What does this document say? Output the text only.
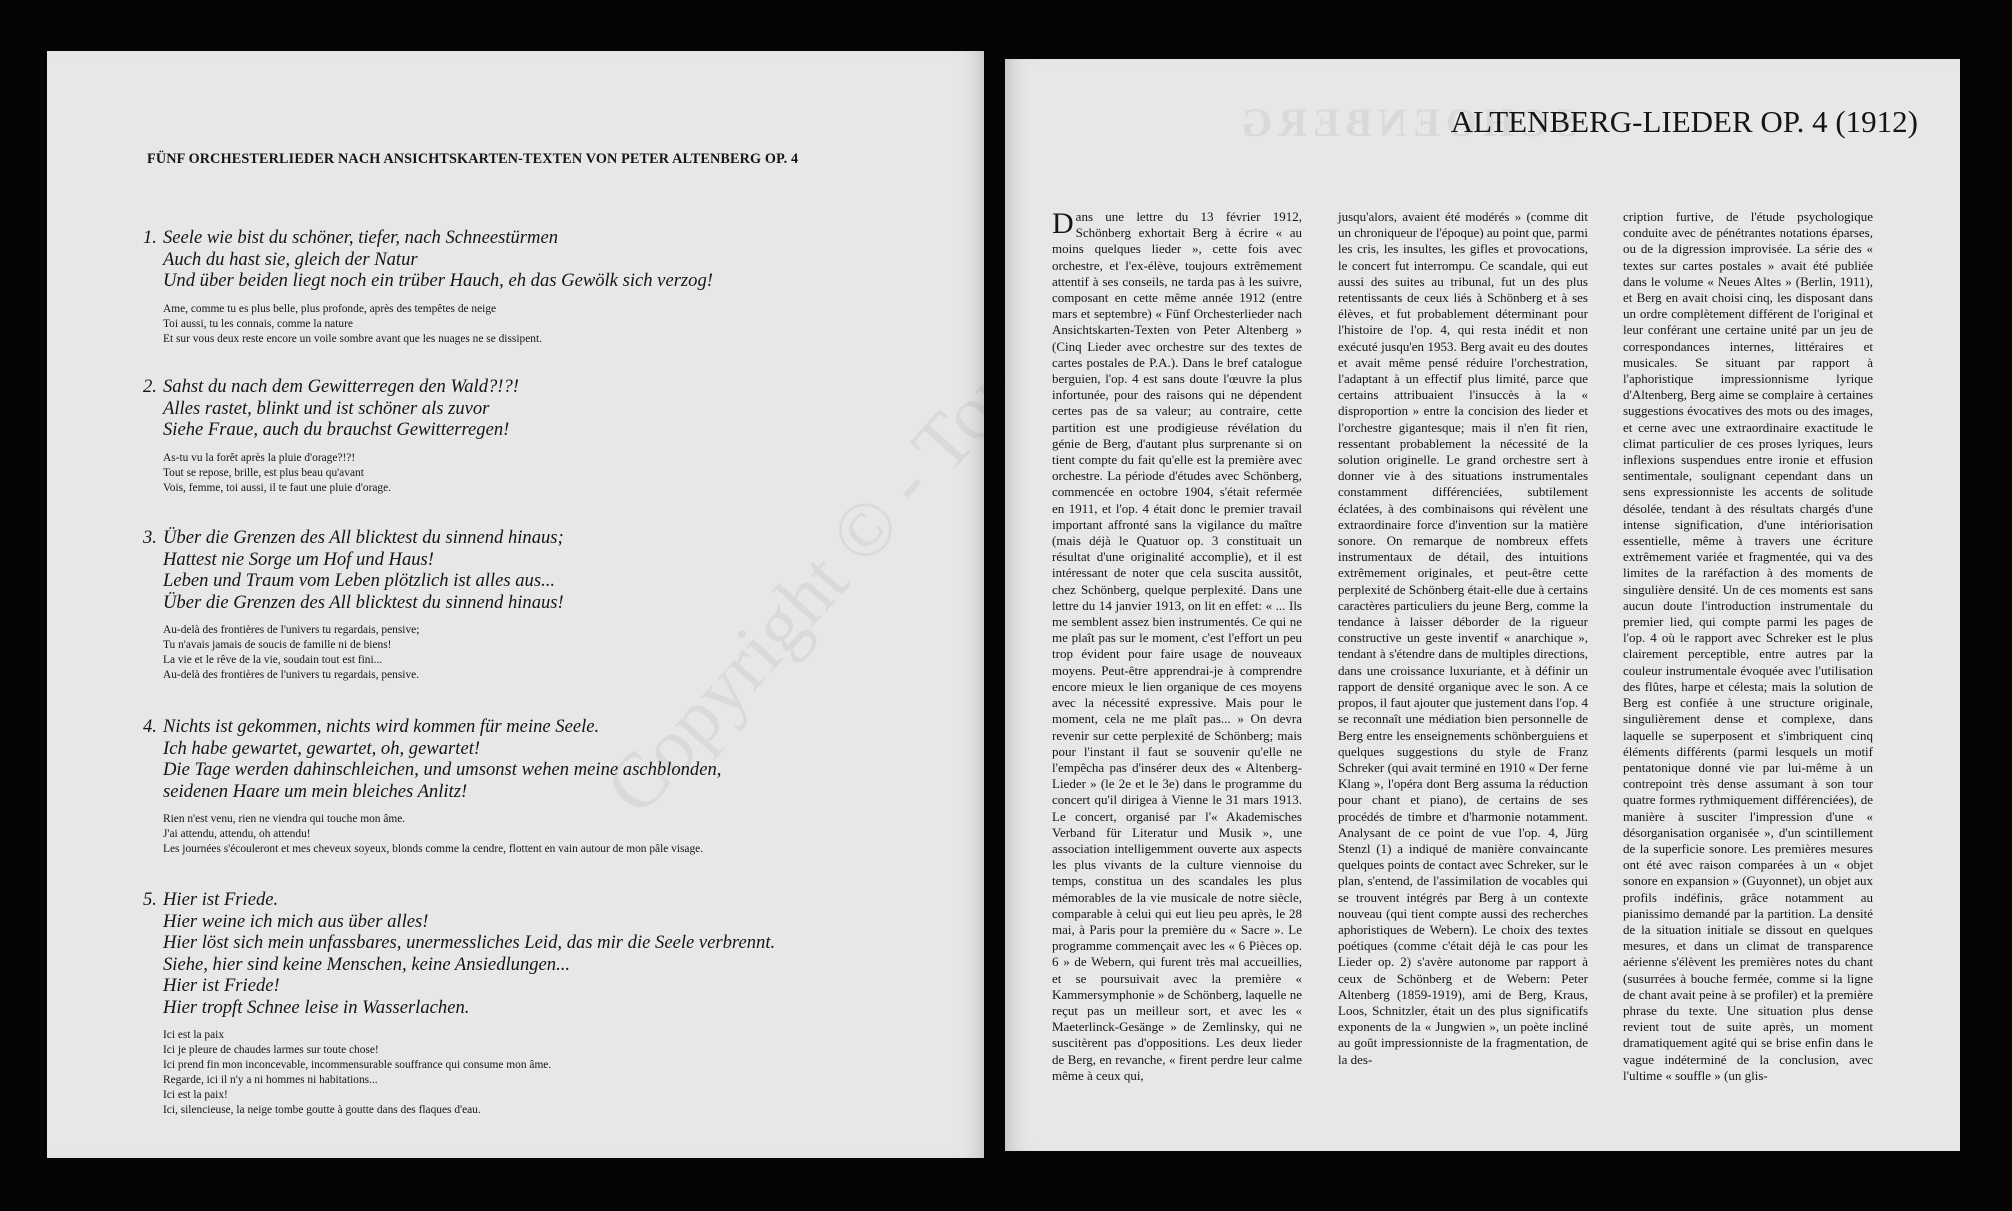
FÜNF ORCHESTERLIEDER NACH ANSICHTSKARTEN-TEXTEN VON PETER ALTENBERG OP. 4
1. Seele wie bist du schöner, tiefer, nach Schneestürmen
Auch du hast sie, gleich der Natur
Und über beiden liegt noch ein trüber Hauch, eh das Gewölk sich verzog!
Ame, comme tu es plus belle, plus profonde, après des tempêtes de neige
Toi aussi, tu les connais, comme la nature
Et sur vous deux reste encore un voile sombre avant que les nuages ne se dissipent.
2. Sahst du nach dem Gewitterregen den Wald?!?!
Alles rastet, blinkt und ist schöner als zuvor
Siehe Fraue, auch du brauchst Gewitterregen!
As-tu vu la forêt après la pluie d'orage?!?!
Tout se repose, brille, est plus beau qu'avant
Vois, femme, toi aussi, il te faut une pluie d'orage.
3. Über die Grenzen des All blicktest du sinnend hinaus;
Hattest nie Sorge um Hof und Haus!
Leben und Traum vom Leben plötzlich ist alles aus...
Über die Grenzen des All blicktest du sinnend hinaus!
Au-delà des frontières de l'univers tu regardais, pensive;
Tu n'avais jamais de soucis de famille ni de biens!
La vie et le rêve de la vie, soudain tout est fini...
Au-delà des frontières de l'univers tu regardais, pensive.
4. Nichts ist gekommen, nichts wird kommen für meine Seele.
Ich habe gewartet, gewartet, oh, gewartet!
Die Tage werden dahinschleichen, und umsonst wehen meine aschblonden,
seidenen Haare um mein bleiches Anlitz!
Rien n'est venu, rien ne viendra qui touche mon âme.
J'ai attendu, attendu, oh attendu!
Les journées s'écouleront et mes cheveux soyeux, blonds comme la cendre, flottent en vain autour de mon pâle visage.
5. Hier ist Friede.
Hier weine ich mich aus über alles!
Hier löst sich mein unfassbares, unermessliches Leid, das mir die Seele verbrennt.
Siehe, hier sind keine Menschen, keine Ansiedlungen...
Hier ist Friede!
Hier tropft Schnee leise in Wasserlachen.
Ici est la paix
Ici je pleure de chaudes larmes sur toute chose!
Ici prend fin mon inconcevable, incommensurable souffrance qui consume mon âme.
Regarde, ici il n'y a ni hommes ni habitations...
Ici est la paix!
Ici, silencieuse, la neige tombe goutte à goutte dans des flaques d'eau.
Copyright © - Tous
SCHOENBERG
ALTENBERG-LIEDER OP. 4 (1912)
D ans une lettre du 13 février 1912, Schönberg exhortait Berg à écrire « au moins quelques lieder », cette fois avec orchestre, et l'ex-élève, toujours extrêmement attentif à ses conseils, ne tarda pas à les suivre, composant en cette même année 1912 (entre mars et septembre) « Fünf Orchesterlieder nach Ansichtskarten-Texten von Peter Altenberg » (Cinq Lieder avec orchestre sur des textes de cartes postales de P.A.). Dans le bref catalogue berguien, l'op. 4 est sans doute l'œuvre la plus infortunée, pour des raisons qui ne dépendent certes pas de sa valeur; au contraire, cette partition est une prodigieuse révélation du génie de Berg, d'autant plus surprenante si on tient compte du fait qu'elle est la première avec orchestre. La période d'études avec Schönberg, commencée en octobre 1904, s'était refermée en 1911, et l'op. 4 était donc le premier travail important affronté sans la vigilance du maître (mais déjà le Quatuor op. 3 constituait un résultat d'une originalité accomplie), et il est intéressant de noter que cela suscita aussitôt, chez Schönberg, quelque perplexité. Dans une lettre du 14 janvier 1913, on lit en effet: « ... Ils me semblent assez bien instrumentés. Ce qui ne me plaît pas sur le moment, c'est l'effort un peu trop évident pour faire usage de nouveaux moyens. Peut-être apprendrai-je à comprendre encore mieux le lien organique de ces moyens avec la nécessité expressive. Mais pour le moment, cela ne me plaît pas... » On devra revenir sur cette perplexité de Schönberg; mais pour l'instant il faut se souvenir qu'elle ne l'empêcha pas d'insérer deux des « Altenberg-Lieder » (le 2e et le 3e) dans le programme du concert qu'il dirigea à Vienne le 31 mars 1913. Le concert, organisé par l'« Akademisches Verband für Literatur und Musik », une association intelligemment ouverte aux aspects les plus vivants de la culture viennoise du temps, constitua un des scandales les plus mémorables de la vie musicale de notre siècle, comparable à celui qui eut lieu peu après, le 28 mai, à Paris pour la première du « Sacre ». Le programme commençait avec les « 6 Pièces op. 6 » de Webern, qui furent très mal accueillies, et se poursuivait avec la première « Kammersymphonie » de Schönberg, laquelle ne reçut pas un meilleur sort, et avec les « Maeterlinck-Gesänge » de Zemlinsky, qui ne suscitèrent pas d'oppositions. Les deux lieder de Berg, en revanche, « firent perdre leur calme même à ceux qui,
jusqu'alors, avaient été modérés » (comme dit un chroniqueur de l'époque) au point que, parmi les cris, les insultes, les gifles et provocations, le concert fut interrompu. Ce scandale, qui eut aussi des suites au tribunal, fut un des plus retentissants de ceux liés à Schönberg et à ses élèves, et fut probablement déterminant pour l'histoire de l'op. 4, qui resta inédit et non exécuté jusqu'en 1953. Berg avait eu des doutes et avait même pensé réduire l'orchestration, l'adaptant à un effectif plus limité, parce que certains attribuaient l'insuccès à la « disproportion » entre la concision des lieder et l'orchestre gigantesque; mais il n'en fit rien, ressentant probablement la nécessité de la solution originelle. Le grand orchestre sert à donner vie à des situations instrumentales constamment différenciées, subtilement éclatées, à des combinaisons qui révèlent une extraordinaire force d'invention sur la matière sonore. On remarque de nombreux effets instrumentaux de détail, des intuitions extrêmement originales, et peut-être cette perplexité de Schönberg était-elle due à certains caractères particuliers du jeune Berg, comme la tendance à laisser déborder de la rigueur constructive un geste inventif « anarchique », tendant à s'étendre dans de multiples directions, dans une croissance luxuriante, et à définir un rapport de densité organique avec le son. A ce propos, il faut ajouter que justement dans l'op. 4 se reconnaît une médiation bien personnelle de Berg entre les enseignements schönberguiens et quelques suggestions du style de Franz Schreker (qui avait terminé en 1910 « Der ferne Klang », l'opéra dont Berg assuma la réduction pour chant et piano), de certains de ses procédés de timbre et d'harmonie notamment. Analysant de ce point de vue l'op. 4, Jürg Stenzl (1) a indiqué de manière convaincante quelques points de contact avec Schreker, sur le plan, s'entend, de l'assimilation de vocables qui se trouvent intégrés par Berg à un contexte nouveau (qui tient compte aussi des recherches aphoristiques de Webern). Le choix des textes poétiques (comme c'était déjà le cas pour les Lieder op. 2) s'avère autonome par rapport à ceux de Schönberg et de Webern: Peter Altenberg (1859-1919), ami de Berg, Kraus, Loos, Schnitzler, était un des plus significatifs exponents de la « Jungwien », un poète incliné au goût impressionniste de la fragmentation, de la des-
cription furtive, de l'étude psychologique conduite avec de pénétrantes notations éparses, ou de la digression improvisée. La série des « textes sur cartes postales » avait été publiée dans le volume « Neues Altes » (Berlin, 1911), et Berg en avait choisi cinq, les disposant dans un ordre complètement différent de l'original et leur conférant une certaine unité par un jeu de correspondances internes, littéraires et musicales. Se situant par rapport à l'aphoristique impressionnisme lyrique d'Altenberg, Berg aime se complaire à certaines suggestions évocatives des mots ou des images, et cerne avec une extraordinaire exactitude le climat particulier de ces proses lyriques, leurs inflexions suspendues entre ironie et effusion sentimentale, soulignant cependant dans un sens expressionniste les accents de solitude désolée, tendant à des résultats chargés d'une intense signification, d'une intériorisation essentielle, même à travers une écriture extrêmement variée et fragmentée, qui va des limites de la raréfaction à des moments de singulière densité. Un de ces moments est sans aucun doute l'introduction instrumentale du premier lied, qui compte parmi les pages de l'op. 4 où le rapport avec Schreker est le plus clairement perceptible, entre autres par la couleur instrumentale évoquée avec l'utilisation des flûtes, harpe et célesta; mais la solution de Berg est confiée à une structure originale, singulièrement dense et complexe, dans laquelle se superposent et s'imbriquent cinq éléments différents (parmi lesquels un motif pentatonique donné vie par lui-même à un contrepoint très dense assumant à son tour quatre formes rythmiquement différenciées), de manière à susciter l'impression d'une « désorganisation organisée », d'un scintillement de la superficie sonore. Les premières mesures ont été avec raison comparées à un « objet sonore en expansion » (Guyonnet), un objet aux profils indéfinis, grâce notamment au pianissimo demandé par la partition. La densité de la situation initiale se dissout en quelques mesures, et dans un climat de transparence aérienne s'élèvent les premières notes du chant (susurrées à bouche fermée, comme si la ligne de chant avait peine à se profiler) et la première phrase du texte. Une situation plus dense revient tout de suite après, un moment dramatiquement agité qui se brise enfin dans le vague indéterminé de la conclusion, avec l'ultime « souffle » (un glis-
